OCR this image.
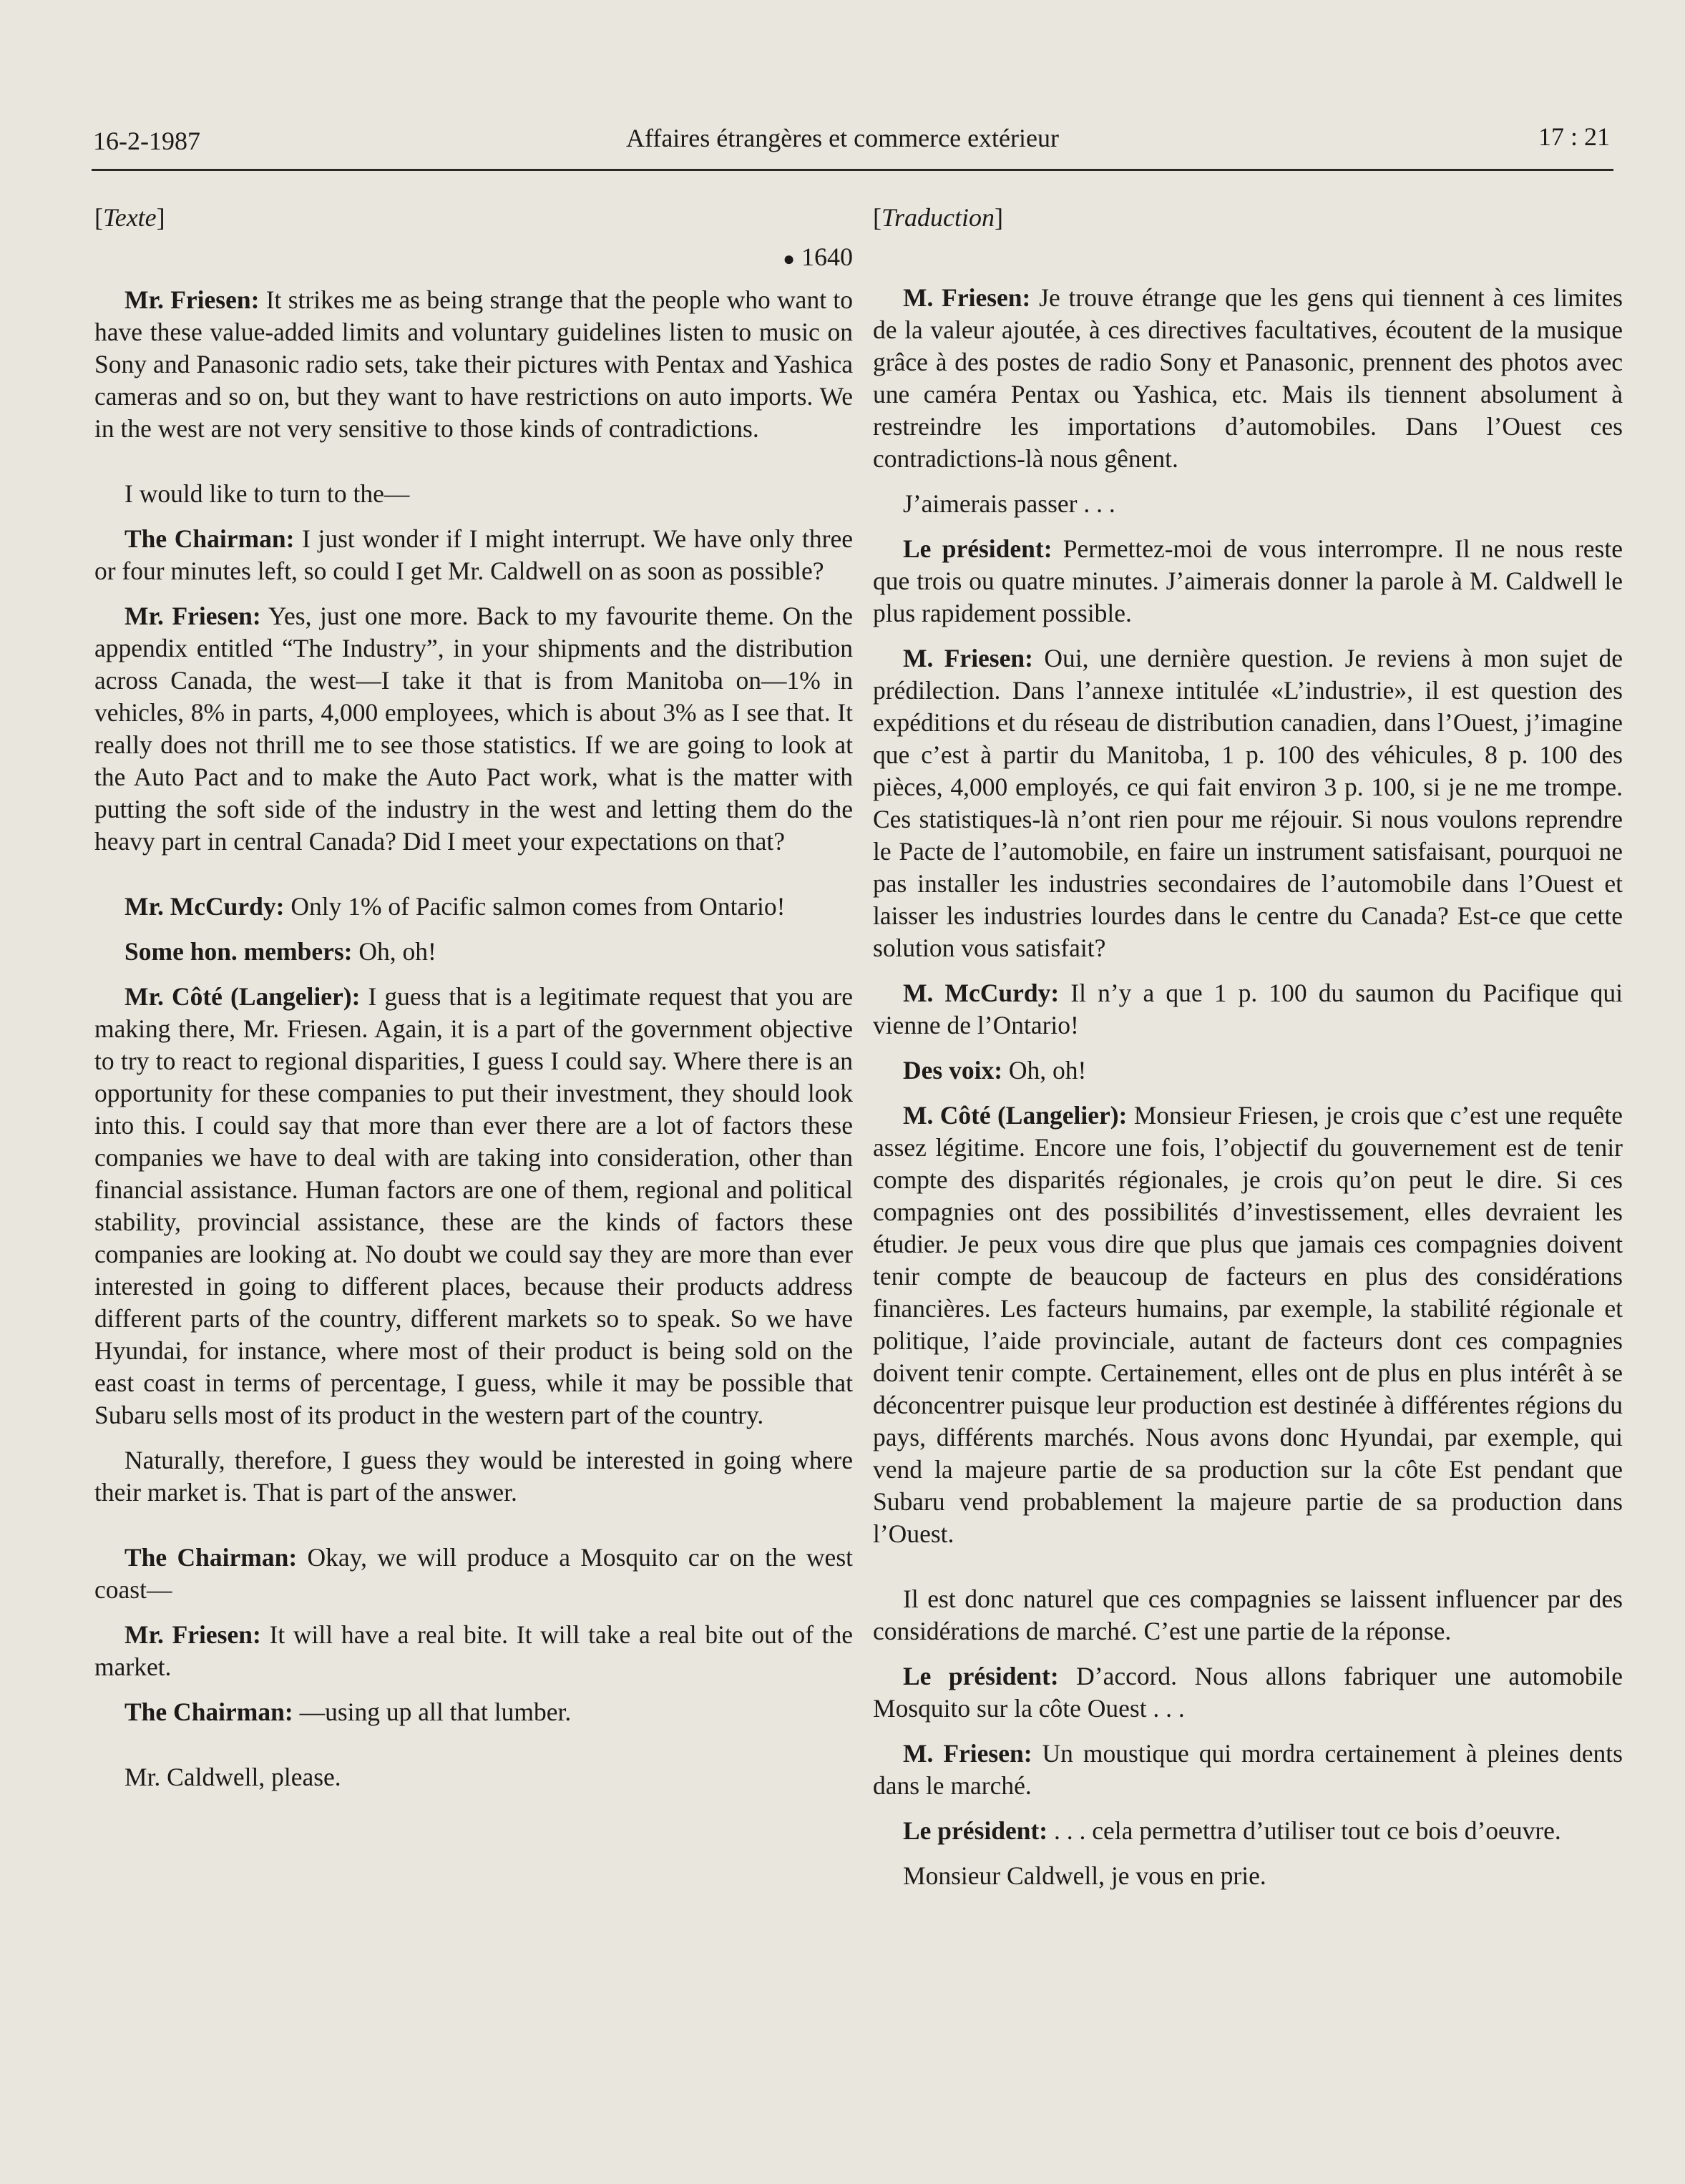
16-2-1987	Affaires étrangères et commerce extérieur	17 : 21
[Texte]
● 1640

Mr. Friesen: It strikes me as being strange that the people who want to have these value-added limits and voluntary guidelines listen to music on Sony and Panasonic radio sets, take their pictures with Pentax and Yashica cameras and so on, but they want to have restrictions on auto imports. We in the west are not very sensitive to those kinds of contradictions.

I would like to turn to the—

The Chairman: I just wonder if I might interrupt. We have only three or four minutes left, so could I get Mr. Caldwell on as soon as possible?

Mr. Friesen: Yes, just one more. Back to my favourite theme. On the appendix entitled “The Industry”, in your shipments and the distribution across Canada, the west—I take it that is from Manitoba on—1% in vehicles, 8% in parts, 4,000 employees, which is about 3% as I see that. It really does not thrill me to see those statistics. If we are going to look at the Auto Pact and to make the Auto Pact work, what is the matter with putting the soft side of the industry in the west and letting them do the heavy part in central Canada? Did I meet your expectations on that?

Mr. McCurdy: Only 1% of Pacific salmon comes from Ontario!

Some hon. members: Oh, oh!

Mr. Côté (Langelier): I guess that is a legitimate request that you are making there, Mr. Friesen. Again, it is a part of the government objective to try to react to regional disparities, I guess I could say. Where there is an opportunity for these companies to put their investment, they should look into this. I could say that more than ever there are a lot of factors these companies we have to deal with are taking into consideration, other than financial assistance. Human factors are one of them, regional and political stability, provincial assistance, these are the kinds of factors these companies are looking at. No doubt we could say they are more than ever interested in going to different places, because their products address different parts of the country, different markets so to speak. So we have Hyundai, for instance, where most of their product is being sold on the east coast in terms of percentage, I guess, while it may be possible that Subaru sells most of its product in the western part of the country.

Naturally, therefore, I guess they would be interested in going where their market is. That is part of the answer.

The Chairman: Okay, we will produce a Mosquito car on the west coast—

Mr. Friesen: It will have a real bite. It will take a real bite out of the market.

The Chairman: —using up all that lumber.

Mr. Caldwell, please.

[Traduction]

M. Friesen: Je trouve étrange que les gens qui tiennent à ces limites de la valeur ajoutée, à ces directives facultatives, écoutent de la musique grâce à des postes de radio Sony et Panasonic, prennent des photos avec une caméra Pentax ou Yashica, etc. Mais ils tiennent absolument à restreindre les importations d’automobiles. Dans l’Ouest ces contradictions-là nous gênent.

J’aimerais passer . . .

Le président: Permettez-moi de vous interrompre. Il ne nous reste que trois ou quatre minutes. J’aimerais donner la parole à M. Caldwell le plus rapidement possible.

M. Friesen: Oui, une dernière question. Je reviens à mon sujet de prédilection. Dans l’annexe intitulée «L’industrie», il est question des expéditions et du réseau de distribution canadien, dans l’Ouest, j’imagine que c’est à partir du Manitoba, 1 p. 100 des véhicules, 8 p. 100 des pièces, 4,000 employés, ce qui fait environ 3 p. 100, si je ne me trompe. Ces statistiques-là n’ont rien pour me réjouir. Si nous voulons reprendre le Pacte de l’automobile, en faire un instrument satisfaisant, pourquoi ne pas installer les industries secondaires de l’automobile dans l’Ouest et laisser les industries lourdes dans le centre du Canada? Est-ce que cette solution vous satisfait?

M. McCurdy: Il n’y a que 1 p. 100 du saumon du Pacifique qui vienne de l’Ontario!

Des voix: Oh, oh!

M. Côté (Langelier): Monsieur Friesen, je crois que c’est une requête assez légitime. Encore une fois, l’objectif du gouvernement est de tenir compte des disparités régionales, je crois qu’on peut le dire. Si ces compagnies ont des possibilités d’investissement, elles devraient les étudier. Je peux vous dire que plus que jamais ces compagnies doivent tenir compte de beaucoup de facteurs en plus des considérations financières. Les facteurs humains, par exemple, la stabilité régionale et politique, l’aide provinciale, autant de facteurs dont ces compagnies doivent tenir compte. Certainement, elles ont de plus en plus intérêt à se déconcentrer puisque leur production est destinée à différentes régions du pays, différents marchés. Nous avons donc Hyundai, par exemple, qui vend la majeure partie de sa production sur la côte Est pendant que Subaru vend probablement la majeure partie de sa production dans l’Ouest.

Il est donc naturel que ces compagnies se laissent influencer par des considérations de marché. C’est une partie de la réponse.

Le président: D’accord. Nous allons fabriquer une automobile Mosquito sur la côte Ouest . . .

M. Friesen: Un moustique qui mordra certainement à pleines dents dans le marché.

Le président: . . . cela permettra d’utiliser tout ce bois d’oeuvre.

Monsieur Caldwell, je vous en prie.
